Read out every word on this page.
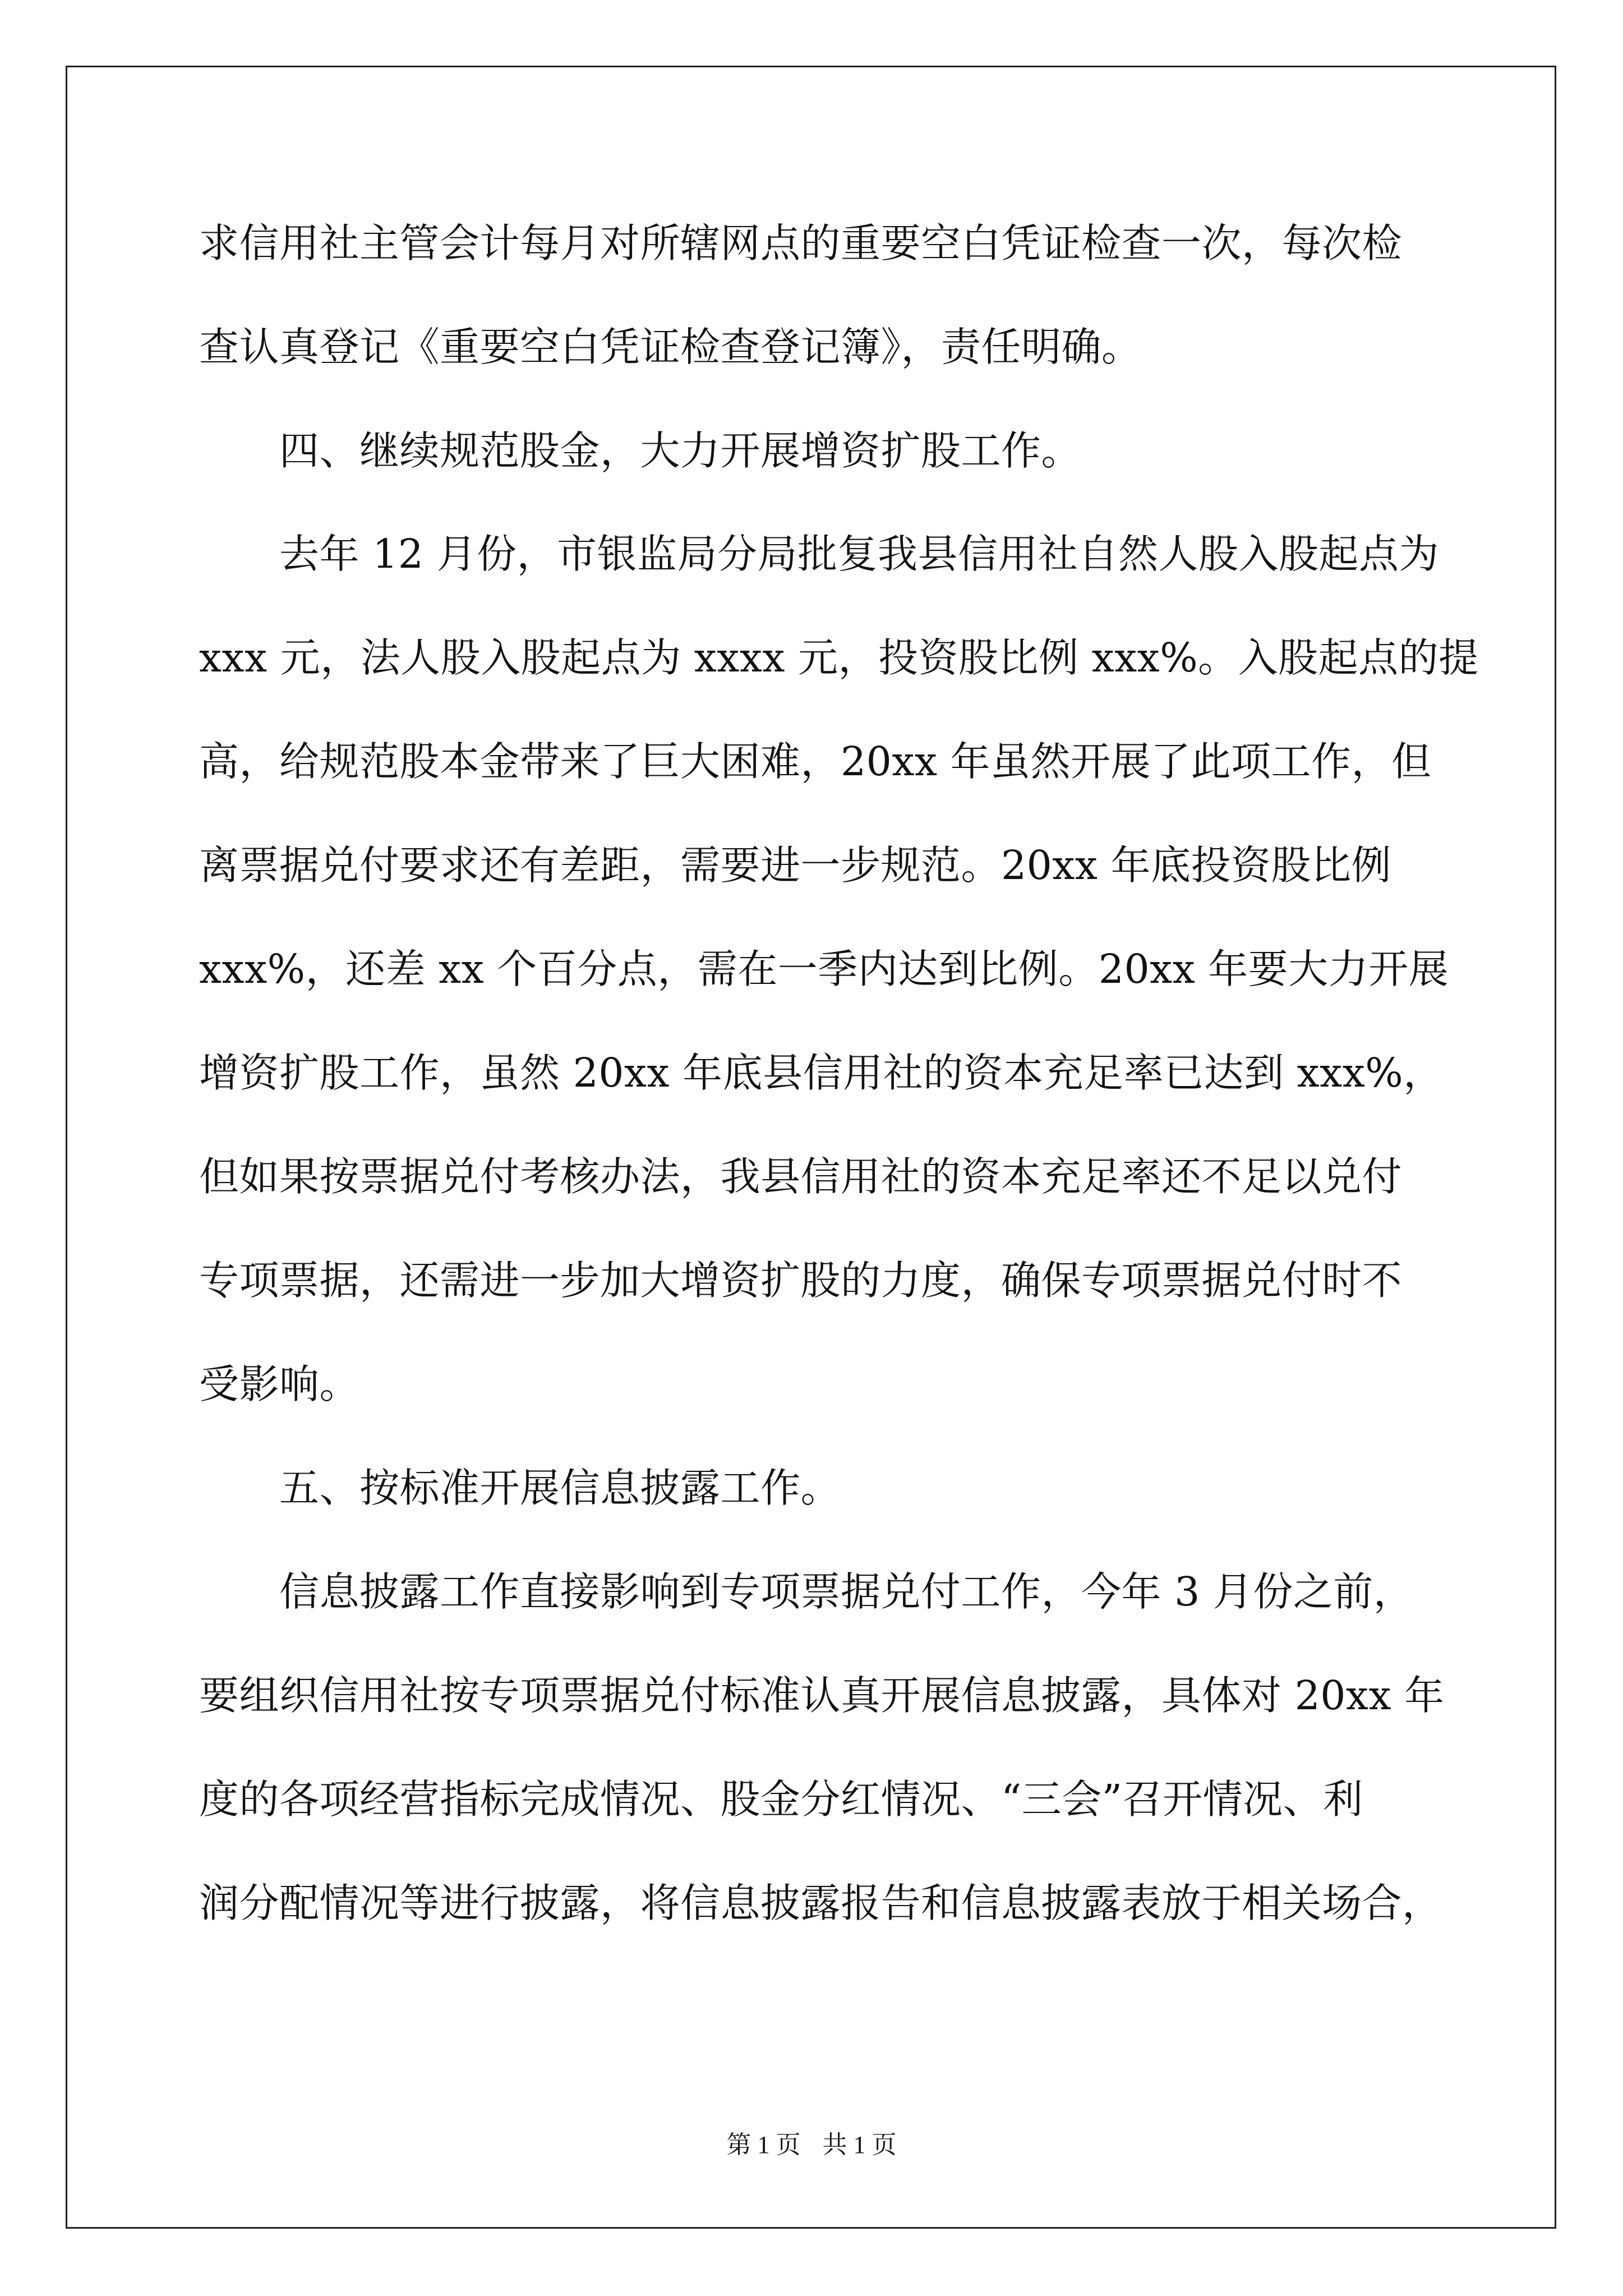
求信用社主管会计每月对所辖网点的重要空白凭证检查一次，每次检
查认真登记《重要空白凭证检查登记簿》，责任明确。
四、继续规范股金，大力开展增资扩股工作。
去年 12 月份，市银监局分局批复我县信用社自然人股入股起点为
xxx 元，法人股入股起点为 xxxx 元，投资股比例 xxx%。入股起点的提
高，给规范股本金带来了巨大困难，20xx 年虽然开展了此项工作，但
离票据兑付要求还有差距，需要进一步规范。20xx 年底投资股比例
xxx%，还差 xx 个百分点，需在一季内达到比例。20xx 年要大力开展
增资扩股工作，虽然 20xx 年底县信用社的资本充足率已达到 xxx%，
但如果按票据兑付考核办法，我县信用社的资本充足率还不足以兑付
专项票据，还需进一步加大增资扩股的力度，确保专项票据兑付时不
受影响。
五、按标准开展信息披露工作。
信息披露工作直接影响到专项票据兑付工作，今年 3 月份之前，
要组织信用社按专项票据兑付标准认真开展信息披露，具体对 20xx 年
度的各项经营指标完成情况、股金分红情况、“三会”召开情况、利
润分配情况等进行披露，将信息披露报告和信息披露表放于相关场合，
第 1 页 共 1 页
